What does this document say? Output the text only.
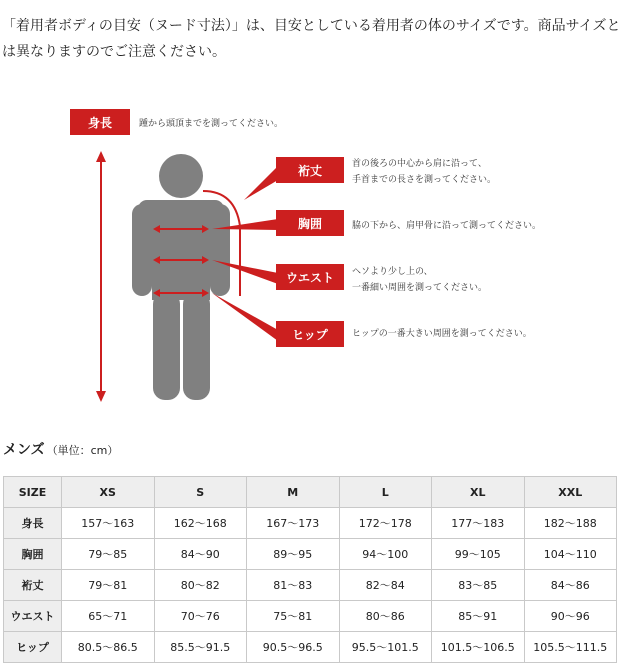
「着用者ボディの目安（ヌード寸法）」は、目安としている着用者の体のサイズです。商品サイズとは異なりますのでご注意ください。
身長	踵から頭頂までを測ってください。
裄丈	首の後ろの中心から肩に沿って、
手首までの長さを測ってください。
胸囲	脇の下から、肩甲骨に沿って測ってください。
ウエスト	ヘソより少し上の、
一番細い周囲を測ってください。
ヒップ	ヒップの一番大きい周囲を測ってください。
メンズ （単位：cm）
SIZE	XS	S	M	L	XL	XXL
身長	157～163	162～168	167～173	172～178	177～183	182～188
胸囲	79～85	84～90	89～95	94～100	99～105	104～110
裄丈	79～81	80～82	81～83	82～84	83～85	84～86
ウエスト	65～71	70～76	75～81	80～86	85～91	90～96
ヒップ	80.5～86.5	85.5～91.5	90.5～96.5	95.5～101.5	101.5～106.5	105.5～111.5
